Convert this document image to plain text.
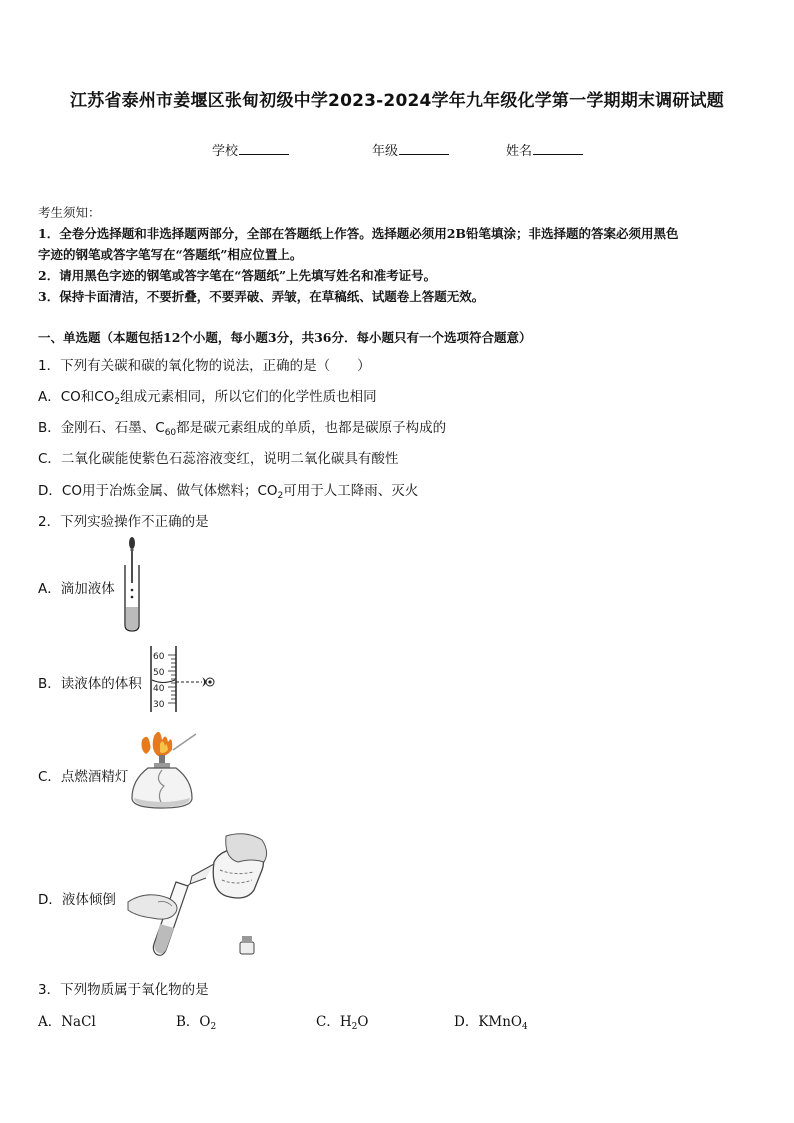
江苏省泰州市姜堰区张甸初级中学2023-2024学年九年级化学第一学期期末调研试题
学校	年级	姓名
考生须知：
1．全卷分选择题和非选择题两部分，全部在答题纸上作答。选择题必须用2B铅笔填涂；非选择题的答案必须用黑色
字迹的钢笔或答字笔写在“答题纸”相应位置上。
2．请用黑色字迹的钢笔或答字笔在“答题纸”上先填写姓名和准考证号。
3．保持卡面清洁，不要折叠，不要弄破、弄皱，在草稿纸、试题卷上答题无效。
一、单选题（本题包括12个小题，每小题3分，共36分．每小题只有一个选项符合题意）
1．下列有关碳和碳的氧化物的说法，正确的是（　　）
A．CO和$CO_2$组成元素相同，所以它们的化学性质也相同
B．金刚石、石墨、$C_{60}$都是碳元素组成的单质，也都是碳原子构成的
C．二氧化碳能使紫色石蕊溶液变红，说明二氧化碳具有酸性
D．CO用于冶炼金属、做气体燃料；$CO_2$可用于人工降雨、灭火
2．下列实验操作不正确的是
A．滴加液体
B．读液体的体积
60
50
40
30
C．点燃酒精灯
D．液体倾倒
3．下列物质属于氧化物的是
A．NaCl	B．$O_2$	C．$H_2O$	D．KMnO$_4$
